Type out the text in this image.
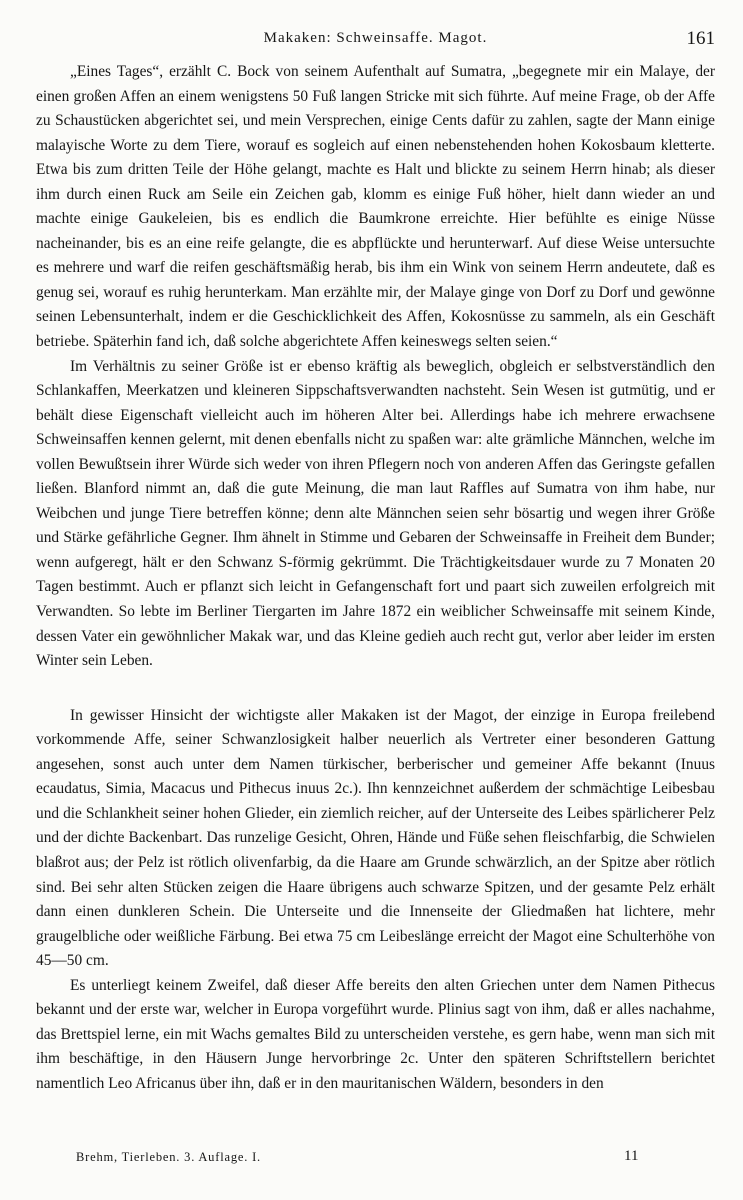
Makaken: Schweinsaffe. Magot.	161

„Eines Tages“, erzählt C. Bock von seinem Aufenthalt auf Sumatra, „begegnete mir ein Malaye, der einen großen Affen an einem wenigstens 50 Fuß langen Stricke mit sich führte. Auf meine Frage, ob der Affe zu Schaustücken abgerichtet sei, und mein Versprechen, einige Cents dafür zu zahlen, sagte der Mann einige malayische Worte zu dem Tiere, worauf es sogleich auf einen nebenstehenden hohen Kokosbaum kletterte. Etwa bis zum dritten Teile der Höhe gelangt, machte es Halt und blickte zu seinem Herrn hinab; als dieser ihm durch einen Ruck am Seile ein Zeichen gab, klomm es einige Fuß höher, hielt dann wieder an und machte einige Gaukeleien, bis es endlich die Baumkrone erreichte. Hier befühlte es einige Nüsse nacheinander, bis es an eine reife gelangte, die es abpflückte und herunterwarf. Auf diese Weise untersuchte es mehrere und warf die reifen geschäftsmäßig herab, bis ihm ein Wink von seinem Herrn andeutete, daß es genug sei, worauf es ruhig herunterkam. Man erzählte mir, der Malaye ginge von Dorf zu Dorf und gewönne seinen Lebensunterhalt, indem er die Geschicklichkeit des Affen, Kokosnüsse zu sammeln, als ein Geschäft betriebe. Späterhin fand ich, daß solche abgerichtete Affen keineswegs selten seien.“

Im Verhältnis zu seiner Größe ist er ebenso kräftig als beweglich, obgleich er selbstverständlich den Schlankaffen, Meerkatzen und kleineren Sippschaftsverwandten nachsteht. Sein Wesen ist gutmütig, und er behält diese Eigenschaft vielleicht auch im höheren Alter bei. Allerdings habe ich mehrere erwachsene Schweinsaffen kennen gelernt, mit denen ebenfalls nicht zu spaßen war: alte grämliche Männchen, welche im vollen Bewußtsein ihrer Würde sich weder von ihren Pflegern noch von anderen Affen das Geringste gefallen ließen. Blanford nimmt an, daß die gute Meinung, die man laut Raffles auf Sumatra von ihm habe, nur Weibchen und junge Tiere betreffen könne; denn alte Männchen seien sehr bösartig und wegen ihrer Größe und Stärke gefährliche Gegner. Ihm ähnelt in Stimme und Gebaren der Schweinsaffe in Freiheit dem Bunder; wenn aufgeregt, hält er den Schwanz S-förmig gekrümmt. Die Trächtigkeitsdauer wurde zu 7 Monaten 20 Tagen bestimmt. Auch er pflanzt sich leicht in Gefangenschaft fort und paart sich zuweilen erfolgreich mit Verwandten. So lebte im Berliner Tiergarten im Jahre 1872 ein weiblicher Schweinsaffe mit seinem Kinde, dessen Vater ein gewöhnlicher Makak war, und das Kleine gedieh auch recht gut, verlor aber leider im ersten Winter sein Leben.

In gewisser Hinsicht der wichtigste aller Makaken ist der Magot, der einzige in Europa freilebend vorkommende Affe, seiner Schwanzlosigkeit halber neuerlich als Vertreter einer besonderen Gattung angesehen, sonst auch unter dem Namen türkischer, berberischer und gemeiner Affe bekannt (Inuus ecaudatus, Simia, Macacus und Pithecus inuus 2c.). Ihn kennzeichnet außerdem der schmächtige Leibesbau und die Schlankheit seiner hohen Glieder, ein ziemlich reicher, auf der Unterseite des Leibes spärlicherer Pelz und der dichte Backenbart. Das runzelige Gesicht, Ohren, Hände und Füße sehen fleischfarbig, die Schwielen blaßrot aus; der Pelz ist rötlich olivenfarbig, da die Haare am Grunde schwärzlich, an der Spitze aber rötlich sind. Bei sehr alten Stücken zeigen die Haare übrigens auch schwarze Spitzen, und der gesamte Pelz erhält dann einen dunkleren Schein. Die Unterseite und die Innenseite der Gliedmaßen hat lichtere, mehr graugelbliche oder weißliche Färbung. Bei etwa 75 cm Leibeslänge erreicht der Magot eine Schulterhöhe von 45—50 cm.

Es unterliegt keinem Zweifel, daß dieser Affe bereits den alten Griechen unter dem Namen Pithecus bekannt und der erste war, welcher in Europa vorgeführt wurde. Plinius sagt von ihm, daß er alles nachahme, das Brettspiel lerne, ein mit Wachs gemaltes Bild zu unterscheiden verstehe, es gern habe, wenn man sich mit ihm beschäftige, in den Häusern Junge hervorbringe 2c. Unter den späteren Schriftstellern berichtet namentlich Leo Africanus über ihn, daß er in den mauritanischen Wäldern, besonders in den

Brehm, Tierleben. 3. Auflage. I.	11
